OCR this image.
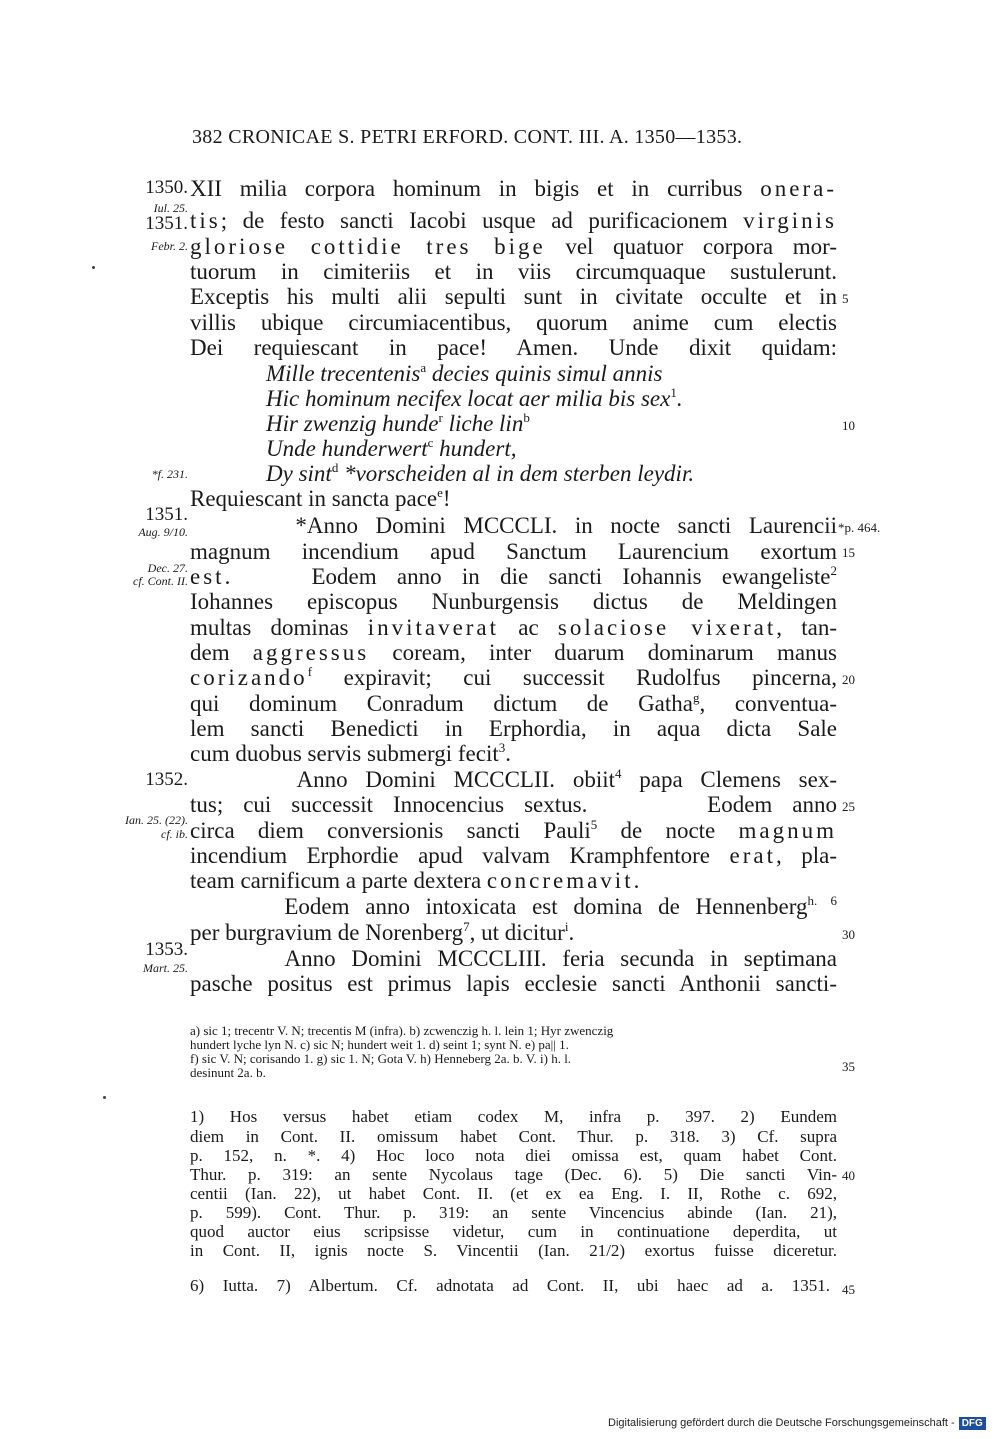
382 CRONICAE S. PETRI ERFORD. CONT. III. A. 1350—1353.
XII milia corpora hominum in bigis et in curribus onera-
tis; de festo sancti Iacobi usque ad purificacionem virginis
gloriose cottidie tres bige vel quatuor corpora mor-
tuorum in cimiteriis et in viis circumquaque sustulerunt.
Exceptis his multi alii sepulti sunt in civitate occulte et in
villis ubique circumiacentibus, quorum anime cum electis
Dei requiescant in pace! Amen. Unde dixit quidam:
Mille trecentenis$^a$ decies quinis simul annis
Hic hominum necifex locat aer milia bis sex$^1$.
Hir zwenzig hunde$^r$ liche lin$^b$
Unde hunderwert$^c$ hundert,
Dy sint$^d$ *vorscheiden al in dem sterben leydir.
Requiescant in sancta pace$^e$!
*Anno Domini MCCCLI. in nocte sancti Laurencii
magnum incendium apud Sanctum Laurencium exortum
est.    Eodem anno in die sancti Iohannis ewangeliste$^2$
Iohannes episcopus Nunburgensis dictus de Meldingen
multas dominas invitaverat ac solaciose vixerat, tan-
dem aggressus coream, inter duarum dominarum manus
corizando$^f$ expiravit; cui successit Rudolfus pincerna,
qui dominum Conradum dictum de Gatha$^g$, conventua-
lem sancti Benedicti in Erphordia, in aqua dicta Sale
cum duobus servis submergi fecit$^3$.
Anno Domini MCCCLII. obiit$^4$ papa Clemens sex-
tus; cui successit Innocencius sextus.      Eodem anno
circa diem conversionis sancti Pauli$^5$ de nocte magnum
incendium Erphordie apud valvam Kramphfentore erat, pla-
team carnificum a parte dextera concremavit.
Eodem anno intoxicata est domina de Hennenberg$^{h. 6}$
per burgravium de Norenberg$^7$, ut dicitur$^i$.
Anno Domini MCCCLIII. feria secunda in septimana
pasche positus est primus lapis ecclesie sancti Anthonii sancti-
1350.
Iul. 25.
1351.
Febr. 2.
*f. 231.
1351.
Aug. 9/10.
Dec. 27.
cf. Cont. II.
1352.
Ian. 25. (22).
cf. ib.
1353.
Mart. 25.
5
10
*p. 464.
15
20
25
30
35
40
45
a) sic 1; trecentr V. N; trecentis M (infra). b) zcwenczig h. l. lein 1; Hyr zwenczig
hundert lyche lyn N. c) sic N; hundert weit 1. d) seint 1; synt N. e) pa|| 1.
f) sic V. N; corisando 1. g) sic 1. N; Gota V. h) Henneberg 2a. b. V. i) h. l.
desinunt 2a. b.
1) Hos versus habet etiam codex M, infra p. 397. 2) Eundem
diem in Cont. II. omissum habet Cont. Thur. p. 318. 3) Cf. supra
p. 152, n. *. 4) Hoc loco nota diei omissa est, quam habet Cont.
Thur. p. 319: an sente Nycolaus tage (Dec. 6). 5) Die sancti Vin-
centii (Ian. 22), ut habet Cont. II. (et ex ea Eng. I. II, Rothe c. 692,
p. 599). Cont. Thur. p. 319: an sente Vincencius abinde (Ian. 21),
quod auctor eius scripsisse videtur, cum in continuatione deperdita, ut
in Cont. II, ignis nocte S. Vincentii (Ian. 21/2) exortus fuisse diceretur.
6) Iutta. 7) Albertum. Cf. adnotata ad Cont. II, ubi haec ad a. 1351.
Digitalisierung gefördert durch die Deutsche Forschungsgemeinschaft - DFG
